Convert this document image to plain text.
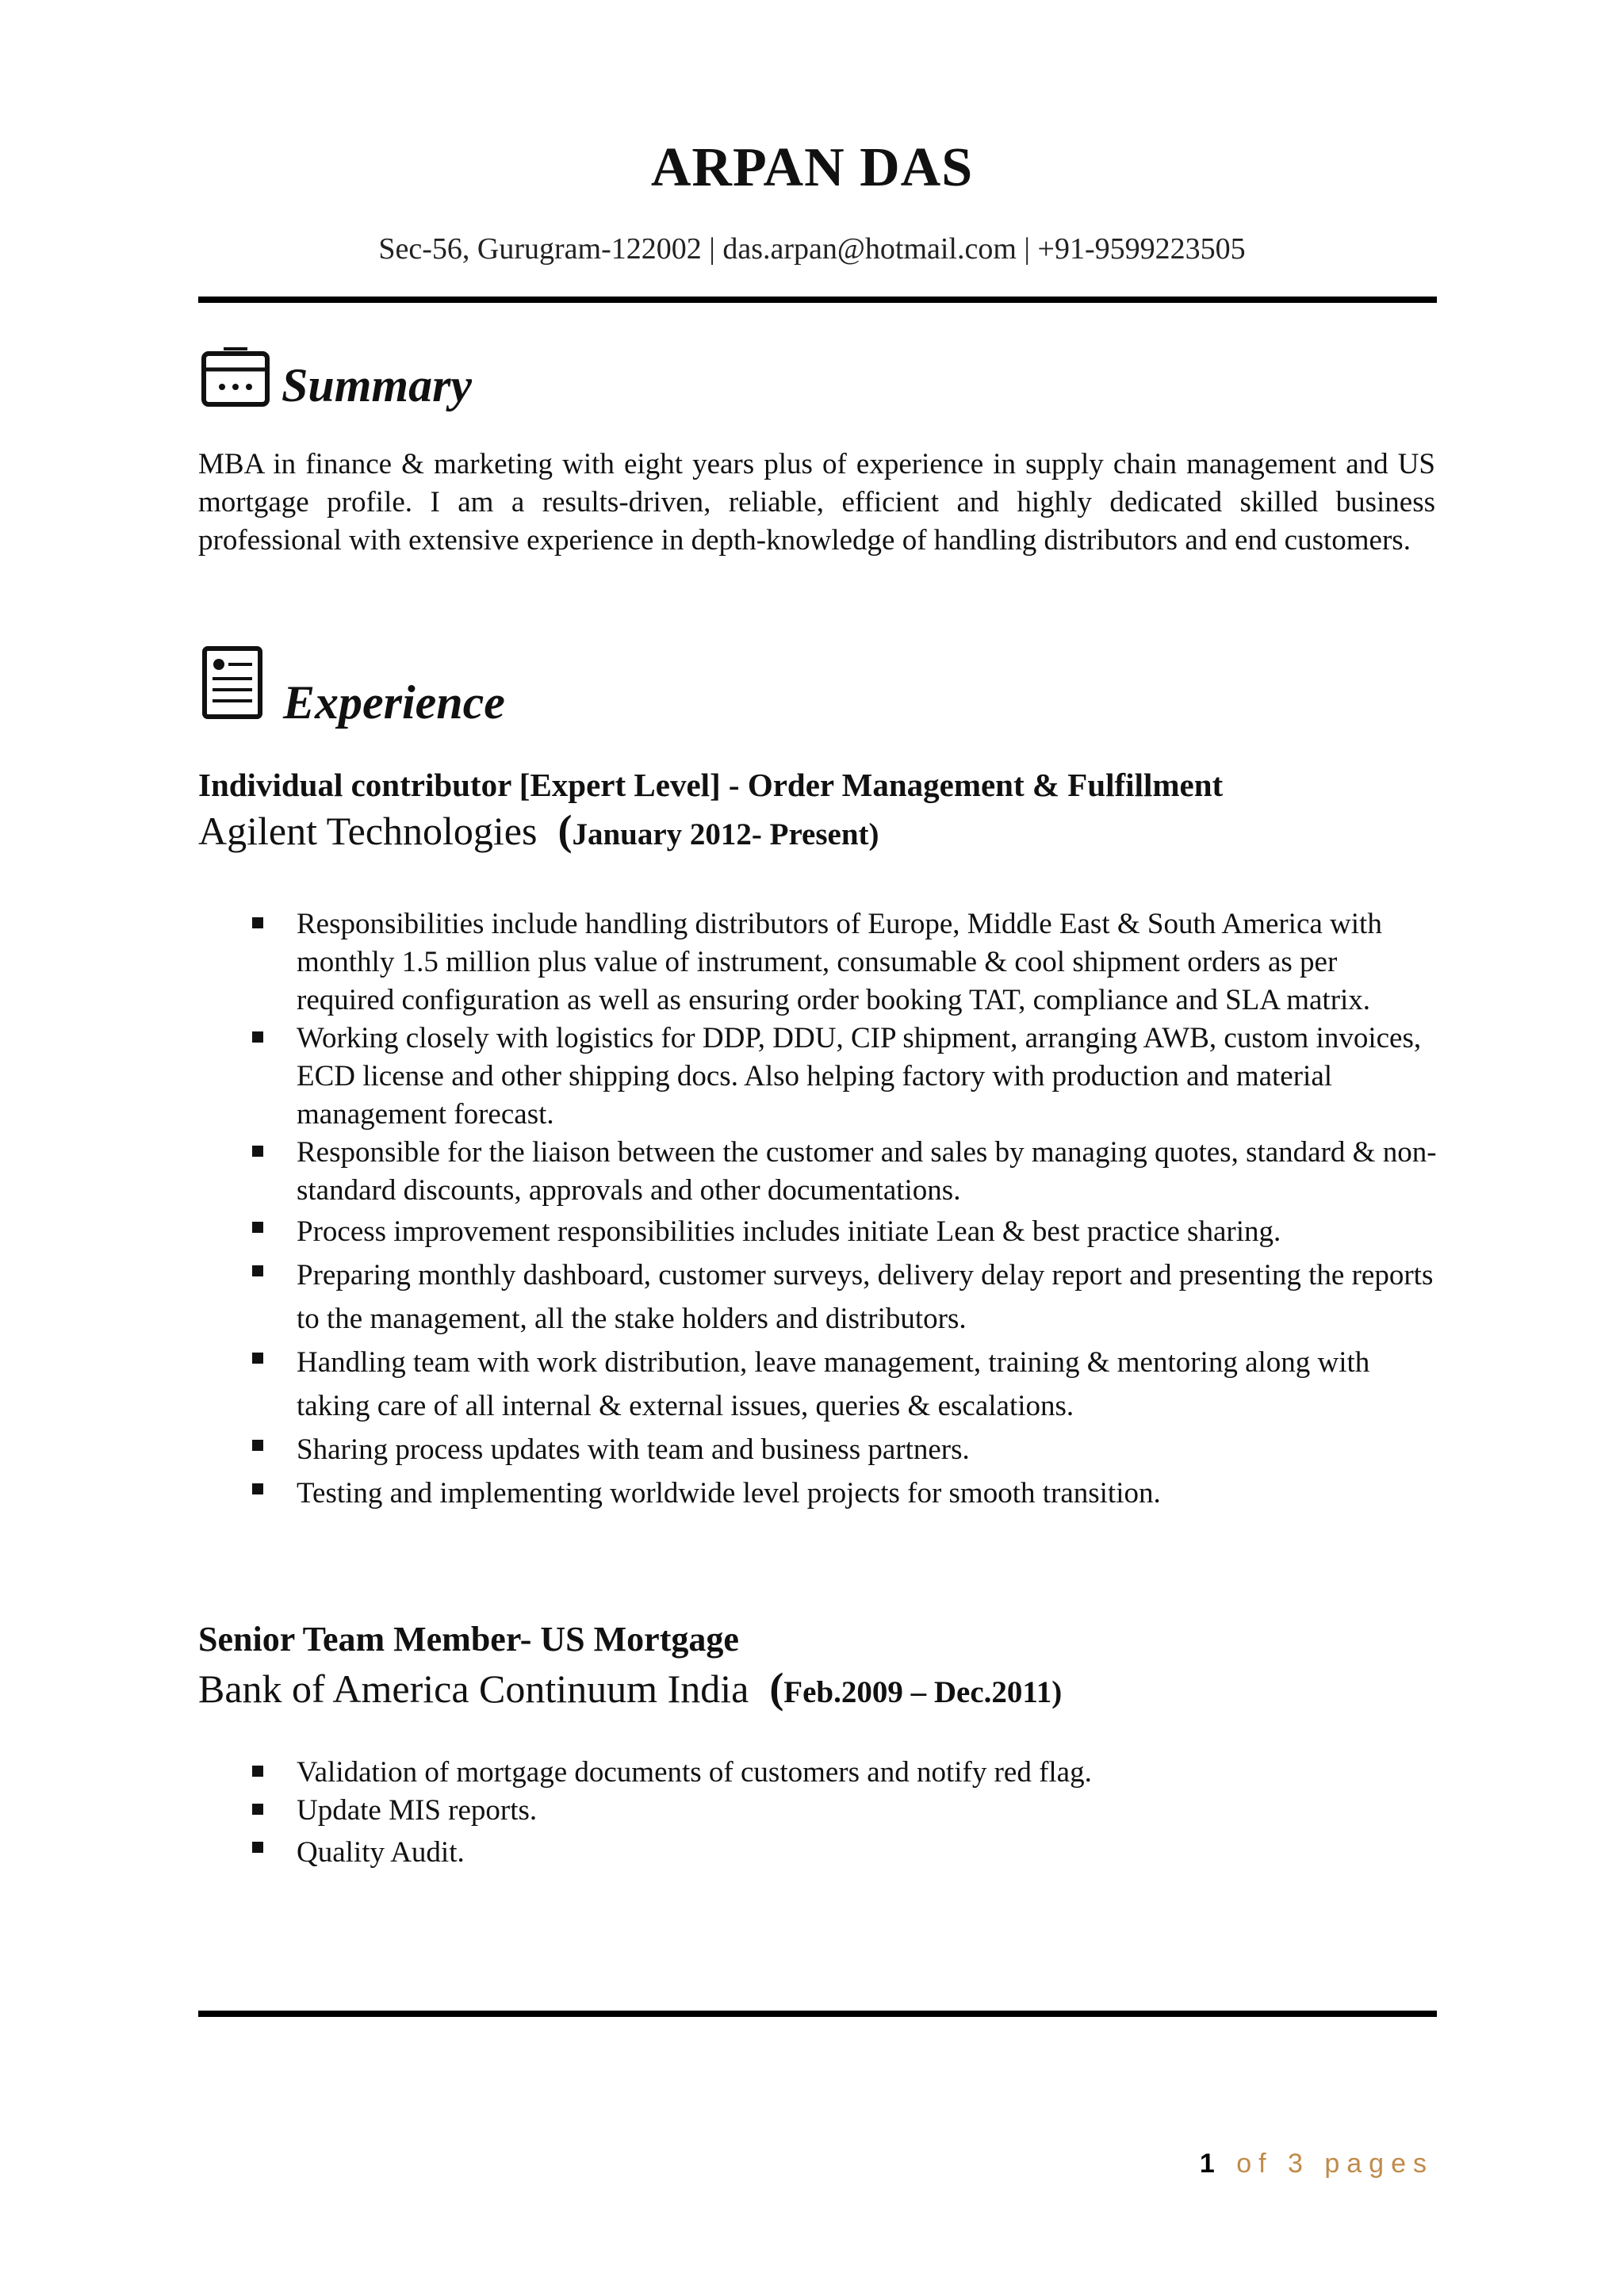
ARPAN DAS
Sec-56, Gurugram-122002 | das.arpan@hotmail.com | +91-9599223505
Summary
MBA in finance & marketing with eight years plus of experience in supply chain management and US mortgage profile. I am a results-driven, reliable, efficient and highly dedicated skilled business professional with extensive experience in depth-knowledge of handling distributors and end customers.
Experience
Individual contributor [Expert Level] - Order Management & Fulfillment
Agilent Technologies  (January 2012- Present)
Responsibilities include handling distributors of Europe, Middle East & South America with monthly 1.5 million plus value of instrument, consumable & cool shipment orders as per required configuration as well as ensuring order booking TAT, compliance and SLA matrix.
Working closely with logistics for DDP, DDU, CIP shipment, arranging AWB, custom invoices, ECD license and other shipping docs. Also helping factory with production and material management forecast.
Responsible for the liaison between the customer and sales by managing quotes, standard & non-standard discounts, approvals and other documentations.
Process improvement responsibilities includes initiate Lean & best practice sharing.
Preparing monthly dashboard, customer surveys, delivery delay report and presenting the reports to the management, all the stake holders and distributors.
Handling team with work distribution, leave management, training & mentoring along with taking care of all internal & external issues, queries & escalations.
Sharing process updates with team and business partners.
Testing and implementing worldwide level projects for smooth transition.
Senior Team Member- US Mortgage
Bank of America Continuum India  (Feb.2009 – Dec.2011)
Validation of mortgage documents of customers and notify red flag.
Update MIS reports.
Quality Audit.
1 of 3 pages
